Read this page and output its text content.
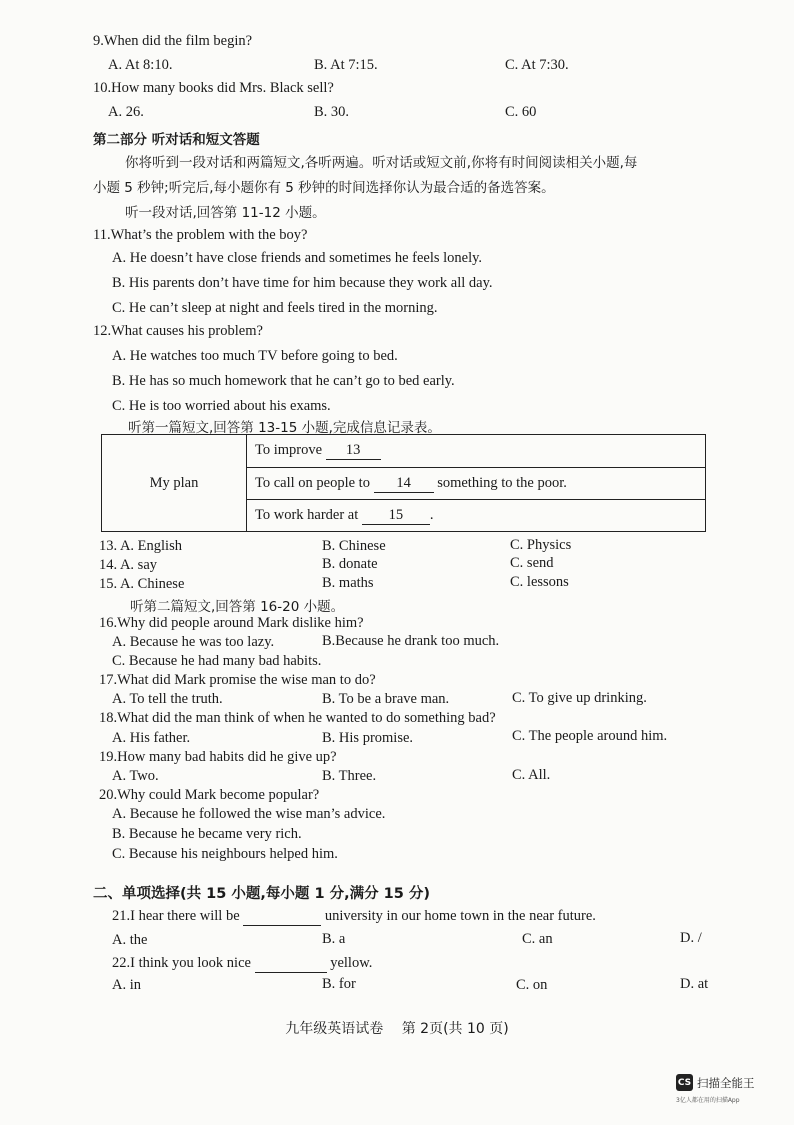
9.When did the film begin?
A. At 8:10.	B. At 7:15.	C. At 7:30.
10.How many books did Mrs. Black sell?
A. 26.	B. 30.	C. 60
第二部分 听对话和短文答题
你将听到一段对话和两篇短文,各听两遍。听对话或短文前,你将有时间阅读相关小题,每
小题 5 秒钟;听完后,每小题你有 5 秒钟的时间选择你认为最合适的备选答案。
听一段对话,回答第 11-12 小题。
11.What’s the problem with the boy?
A. He doesn’t have close friends and sometimes he feels lonely.
B. His parents don’t have time for him because they work all day.
C. He can’t sleep at night and feels tired in the morning.
12.What causes his problem?
A. He watches too much TV before going to bed.
B. He has so much homework that he can’t go to bed early.
C. He is too worried about his exams.
听第一篇短文,回答第 13-15 小题,完成信息记录表。
My plan	To improve 13
To call on people to 14 something to the poor.
To work harder at 15 .
13. A. English	B. Chinese	C. Physics
14. A. say	B. donate	C. send
15. A. Chinese	B. maths	C. lessons
听第二篇短文,回答第 16-20 小题。
16.Why did people around Mark dislike him?
A. Because he was too lazy.	B.Because he drank too much.
C. Because he had many bad habits.
17.What did Mark promise the wise man to do?
A. To tell the truth.	B. To be a brave man.	C. To give up drinking.
18.What did the man think of when he wanted to do something bad?
A. His father.	B. His promise.	C. The people around him.
19.How many bad habits did he give up?
A. Two.	B. Three.	C. All.
20.Why could Mark become popular?
A. Because he followed the wise man’s advice.
B. Because he became very rich.
C. Because his neighbours helped him.
二、单项选择(共 15 小题,每小题 1 分,满分 15 分)
21.I hear there will be	university in our home town in the near future.
A. the	B. a	C. an	D. /
22.I think you look nice	yellow.
A. in	B. for	C. on	D. at
九年级英语试卷　 第 2页(共 10 页)
CS 扫描全能王
3亿人都在用的扫描App
